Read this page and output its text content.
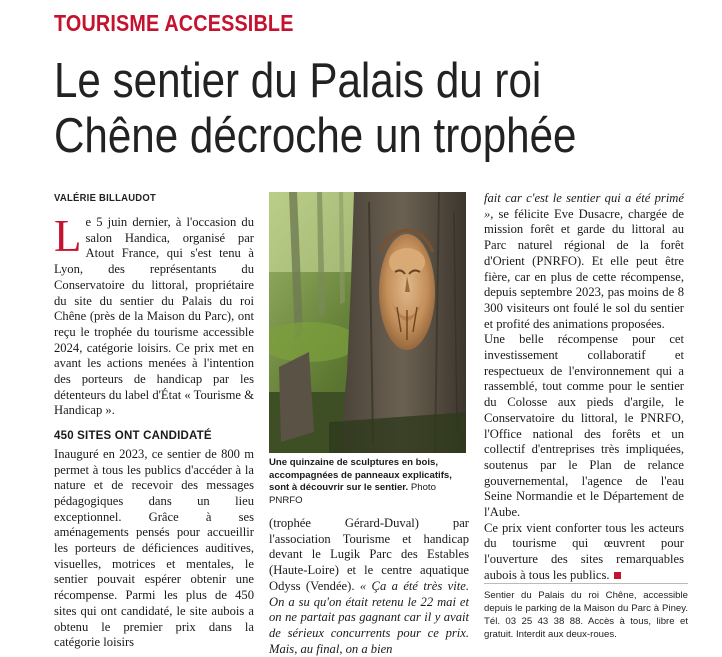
TOURISME ACCESSIBLE
Le sentier du Palais du roi
Chêne décroche un trophée
VALÉRIE BILLAUDOT

Le 5 juin dernier, à l'occasion du salon Handica, organisé par Atout France, qui s'est tenu à Lyon, des représentants du Conservatoire du littoral, propriétaire du site du sentier du Palais du roi Chêne (près de la Maison du Parc), ont reçu le trophée du tourisme accessible 2024, catégorie loisirs. Ce prix met en avant les actions menées à l'intention des porteurs de handicap par les détenteurs du label d'État « Tourisme & Handicap ».

450 SITES ONT CANDIDATÉ

Inauguré en 2023, ce sentier de 800 m permet à tous les publics d'accéder à la nature et de recevoir des messages pédagogiques dans un lieu exceptionnel. Grâce à ses aménagements pensés pour accueillir les porteurs de déficiences auditives, visuelles, motrices et mentales, le sentier pouvait espérer obtenir une récompense. Parmi les plus de 450 sites qui ont candidaté, le site aubois a obtenu le premier prix dans la catégorie loisirs

Une quinzaine de sculptures en bois, accompagnées de panneaux explicatifs, sont à découvrir sur le sentier. Photo PNRFO

(trophée Gérard-Duval) par l'association Tourisme et handicap devant le Lugik Parc des Estables (Haute-Loire) et le centre aquatique Odyss (Vendée). « Ça a été très vite. On a su qu'on était retenu le 22 mai et on ne partait pas gagnant car il y avait de sérieux concurrents pour ce prix. Mais, au final, on a bien

fait car c'est le sentier qui a été primé », se félicite Eve Dusacre, chargée de mission forêt et garde du littoral au Parc naturel régional de la forêt d'Orient (PNRFO). Et elle peut être fière, car en plus de cette récompense, depuis septembre 2023, pas moins de 8 300 visiteurs ont foulé le sol du sentier et profité des animations proposées.

Une belle récompense pour cet investissement collaboratif et respectueux de l'environnement qui a rassemblé, tout comme pour le sentier du Colosse aux pieds d'argile, le Conservatoire du littoral, le PNRFO, l'Office national des forêts et un collectif d'entreprises très impliquées, soutenus par le Plan de relance gouvernemental, l'agence de l'eau Seine Normandie et le Département de l'Aube.

Ce prix vient conforter tous les acteurs du tourisme qui œuvrent pour l'ouverture des sites remarquables aubois à tous les publics.

Sentier du Palais du roi Chêne, accessible depuis le parking de la Maison du Parc à Piney. Tél. 03 25 43 38 88. Accès à tous, libre et gratuit. Interdit aux deux-roues.
